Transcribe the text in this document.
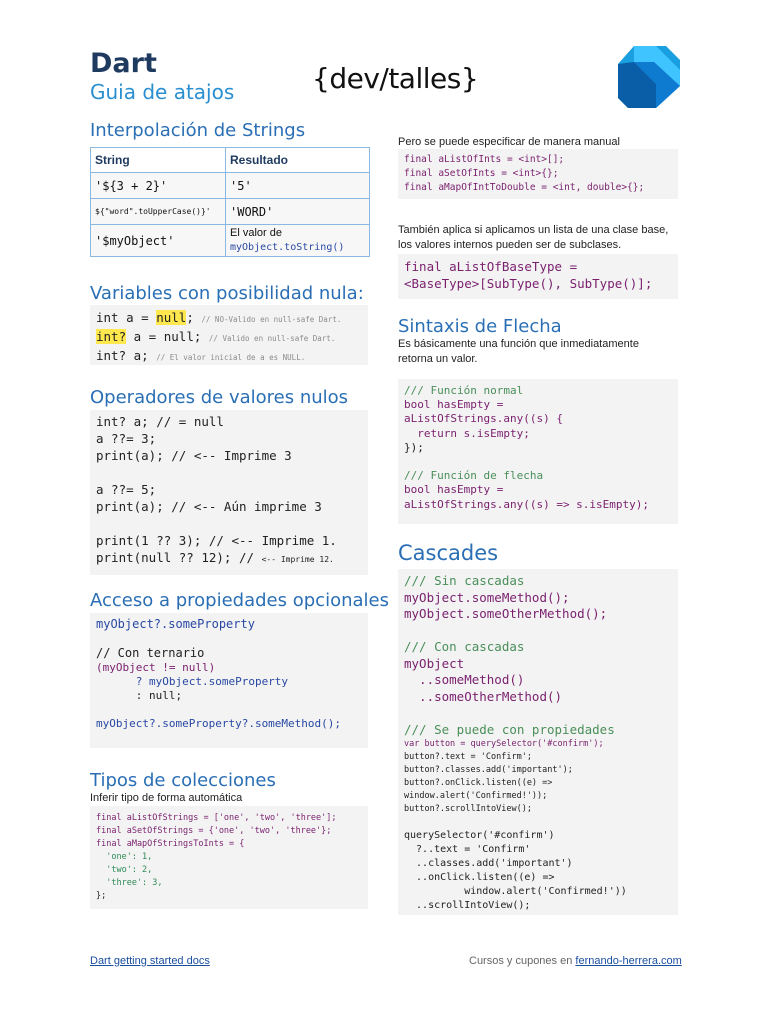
Dart
Guia de atajos	{dev/talles}
Interpolación de Strings
String	Resultado
'${3 + 2}'	'5'
${"word".toUpperCase()}'	'WORD'
'$myObject'	El valor de
myObject.toString()
Variables con posibilidad nula:
int a = null; // NO-Valido en null-safe Dart.
int? a = null; // Valido en null-safe Dart.
int? a; // El valor inicial de a es NULL.
Operadores de valores nulos
int? a; // = null
a ??= 3;
print(a); // <-- Imprime 3

a ??= 5;
print(a); // <-- Aún imprime 3

print(1 ?? 3); // <-- Imprime 1.
print(null ?? 12); // <-- Imprime 12.
Acceso a propiedades opcionales
myObject?.someProperty

// Con ternario
(myObject != null)
? myObject.someProperty
: null;

myObject?.someProperty?.someMethod();
Tipos de colecciones
Inferir tipo de forma automática
final aListOfStrings = ['one', 'two', 'three'];
final aSetOfStrings = {'one', 'two', 'three'};
final aMapOfStringsToInts = {
'one': 1,
'two': 2,
'three': 3,
};
Pero se puede especificar de manera manual
final aListOfInts = <int>[];
final aSetOfInts = <int>{};
final aMapOfIntToDouble = <int, double>{};
También aplica si aplicamos un lista de una clase base, los valores internos pueden ser de subclases.
final aListOfBaseType =
<BaseType>[SubType(), SubType()];
Sintaxis de Flecha
Es básicamente una función que inmediatamente retorna un valor.
/// Función normal
bool hasEmpty =
aListOfStrings.any((s) {
return s.isEmpty;
});

/// Función de flecha
bool hasEmpty =
aListOfStrings.any((s) => s.isEmpty);
Cascades
/// Sin cascadas
myObject.someMethod();
myObject.someOtherMethod();

/// Con cascadas
myObject
..someMethod()
..someOtherMethod()

/// Se puede con propiedades

var button = querySelector('#confirm');
button?.text = 'Confirm';
button?.classes.add('important');
button?.onClick.listen((e) =>
window.alert('Confirmed!'));
button?.scrollIntoView();

querySelector('#confirm')
?..text = 'Confirm'
..classes.add('important')
..onClick.listen((e) =>
window.alert('Confirmed!'))
..scrollIntoView();
Dart getting started docs	Cursos y cupones en fernando-herrera.com
